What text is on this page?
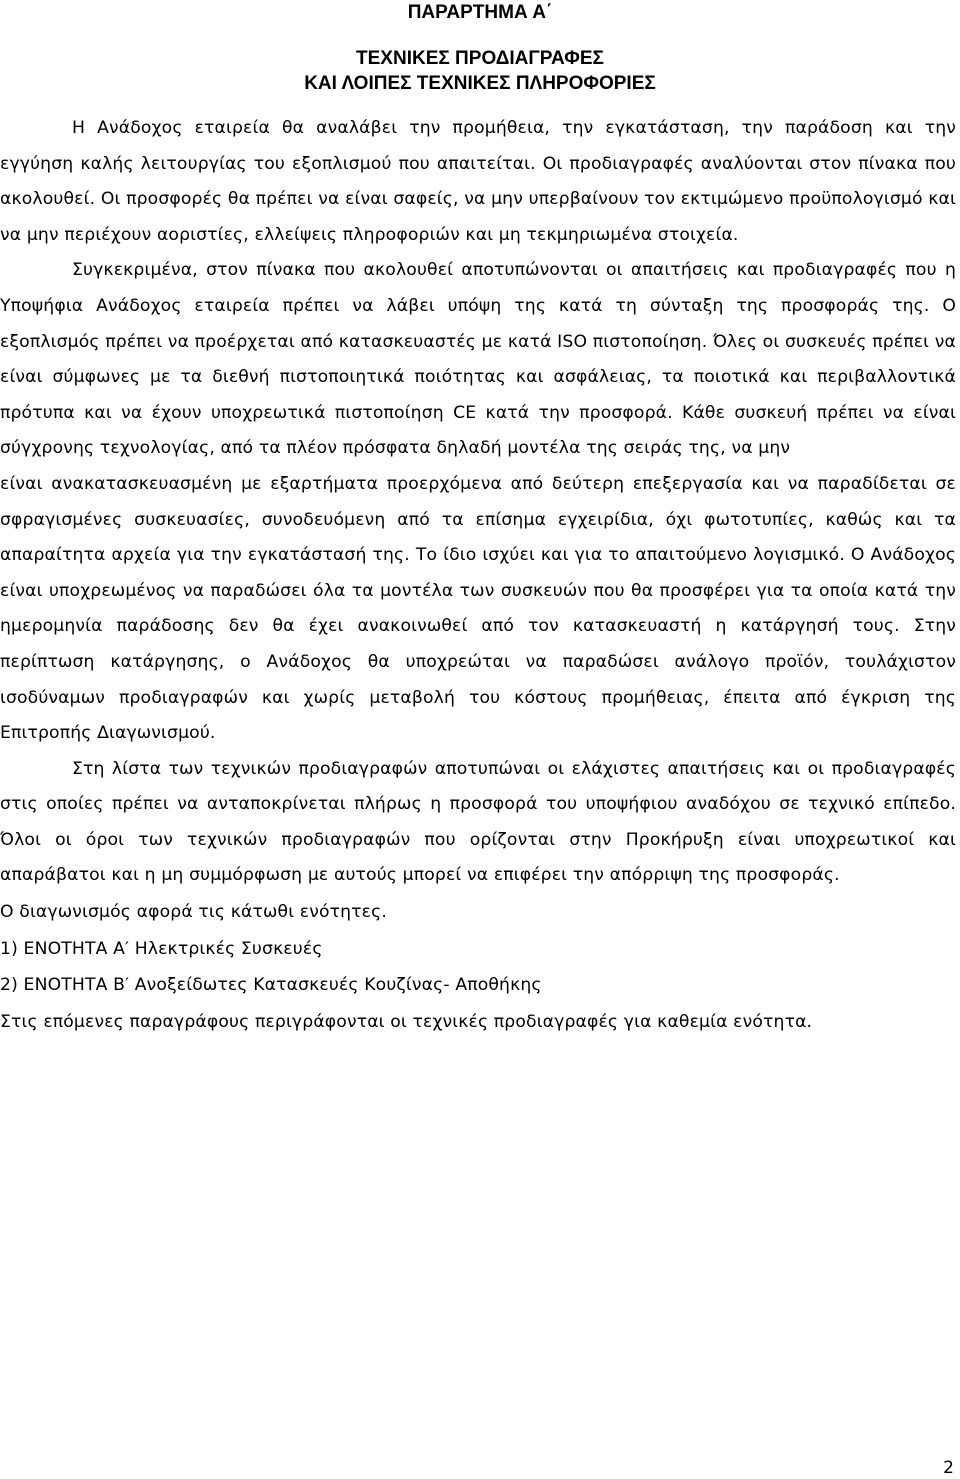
ΠΑΡΑΡΤΗΜΑ Α΄
ΤΕΧΝΙΚΕΣ ΠΡΟΔΙΑΓΡΑΦΕΣ
ΚΑΙ ΛΟΙΠΕΣ ΤΕΧΝΙΚΕΣ ΠΛΗΡΟΦΟΡΙΕΣ

Η Ανάδοχος εταιρεία θα αναλάβει την προμήθεια, την εγκατάσταση, την παράδοση και την εγγύηση καλής λειτουργίας του εξοπλισμού που απαιτείται. Οι προδιαγραφές αναλύονται στον πίνακα που ακολουθεί. Οι προσφορές θα πρέπει να είναι σαφείς, να μην υπερβαίνουν τον εκτιμώμενο προϋπολογισμό και να μην περιέχουν αοριστίες, ελλείψεις πληροφοριών και μη τεκμηριωμένα στοιχεία.

Συγκεκριμένα, στον πίνακα που ακολουθεί αποτυπώνονται οι απαιτήσεις και προδιαγραφές που η Υποψήφια Ανάδοχος εταιρεία πρέπει να λάβει υπόψη της κατά τη σύνταξη της προσφοράς της. Ο εξοπλισμός πρέπει να προέρχεται από κατασκευαστές με κατά ISO πιστοποίηση. Όλες οι συσκευές πρέπει να είναι σύμφωνες με τα διεθνή πιστοποιητικά ποιότητας και ασφάλειας, τα ποιοτικά και περιβαλλοντικά πρότυπα και να έχουν υποχρεωτικά πιστοποίηση CE κατά την προσφορά. Κάθε συσκευή πρέπει να είναι σύγχρονης τεχνολογίας, από τα πλέον πρόσφατα δηλαδή μοντέλα της σειράς της, να μην

είναι ανακατασκευασμένη με εξαρτήματα προερχόμενα από δεύτερη επεξεργασία και να παραδίδεται σε σφραγισμένες συσκευασίες, συνοδευόμενη από τα επίσημα εγχειρίδια, όχι φωτοτυπίες, καθώς και τα απαραίτητα αρχεία για την εγκατάστασή της. Το ίδιο ισχύει και για το απαιτούμενο λογισμικό. Ο Ανάδοχος είναι υποχρεωμένος να παραδώσει όλα τα μοντέλα των συσκευών που θα προσφέρει για τα οποία κατά την ημερομηνία παράδοσης δεν θα έχει ανακοινωθεί από τον κατασκευαστή η κατάργησή τους. Στην περίπτωση κατάργησης, ο Ανάδοχος θα υποχρεώται να παραδώσει ανάλογο προϊόν, τουλάχιστον ισοδύναμων προδιαγραφών και χωρίς μεταβολή του κόστους προμήθειας, έπειτα από έγκριση της Επιτροπής Διαγωνισμού.

Στη λίστα των τεχνικών προδιαγραφών αποτυπώναι οι ελάχιστες απαιτήσεις και οι προδιαγραφές στις οποίες πρέπει να ανταποκρίνεται πλήρως η προσφορά του υποψήφιου αναδόχου σε τεχνικό επίπεδο. Όλοι οι όροι των τεχνικών προδιαγραφών που ορίζονται στην Προκήρυξη είναι υποχρεωτικοί και απαράβατοι και η μη συμμόρφωση με αυτούς μπορεί να επιφέρει την απόρριψη της προσφοράς.

Ο διαγωνισμός αφορά τις κάτωθι ενότητες.

1) ΕΝΟΤΗΤΑ Α′ Ηλεκτρικές Συσκευές

2) ΕΝΟΤΗΤΑ Β′ Ανοξείδωτες Κατασκευές Κουζίνας- Αποθήκης

Στις επόμενες παραγράφους περιγράφονται οι τεχνικές προδιαγραφές για καθεμία ενότητα.

2
